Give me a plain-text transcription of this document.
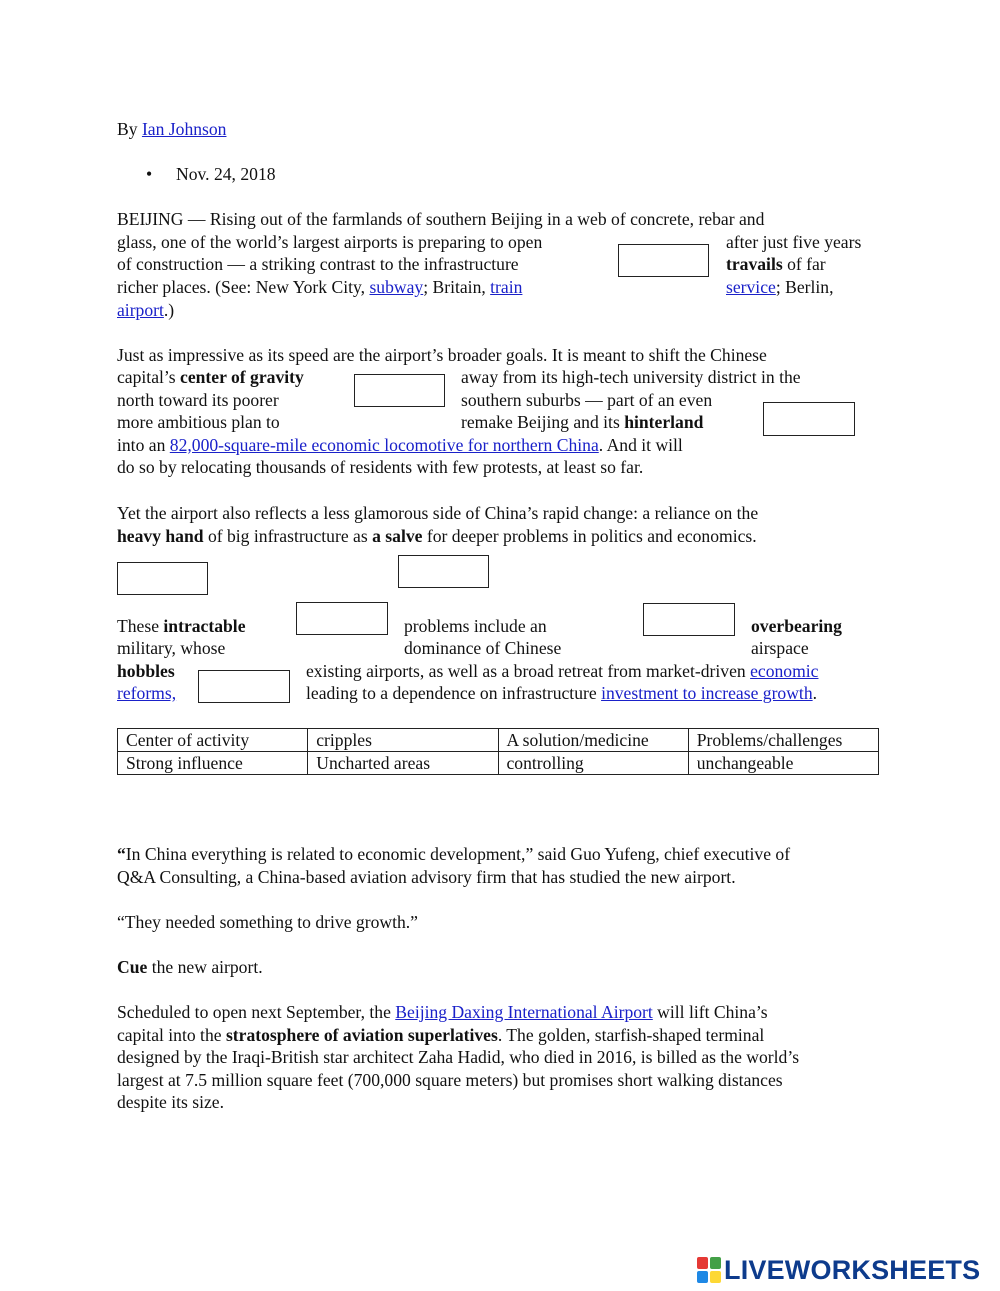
By Ian Johnson
• Nov. 24, 2018
BEIJING — Rising out of the farmlands of southern Beijing in a web of concrete, rebar and
glass, one of the world’s largest airports is preparing to open	after just five years
of construction — a striking contrast to the infrastructure	travails of far
richer places. (See: New York City, subway; Britain, train	service; Berlin,
airport.)
Just as impressive as its speed are the airport’s broader goals. It is meant to shift the Chinese
capital’s center of gravity	away from its high-tech university district in the
north toward its poorer	southern suburbs — part of an even
more ambitious plan to	remake Beijing and its hinterland
into an 82,000-square-mile economic locomotive for northern China. And it will
do so by relocating thousands of residents with few protests, at least so far.
Yet the airport also reflects a less glamorous side of China’s rapid change: a reliance on the
heavy hand of big infrastructure as a salve for deeper problems in politics and economics.
These intractable	problems include an	overbearing
military, whose	dominance of Chinese	airspace
hobbles	existing airports, as well as a broad retreat from market-driven economic
reforms,	leading to a dependence on infrastructure investment to increase growth.
Center of activity	cripples	A solution/medicine	Problems/challenges
Strong influence	Uncharted areas	controlling	unchangeable
“In China everything is related to economic development,” said Guo Yufeng, chief executive of
Q&A Consulting, a China-based aviation advisory firm that has studied the new airport.
“They needed something to drive growth.”
Cue the new airport.
Scheduled to open next September, the Beijing Daxing International Airport will lift China’s
capital into the stratosphere of aviation superlatives. The golden, starfish-shaped terminal
designed by the Iraqi-British star architect Zaha Hadid, who died in 2016, is billed as the world’s
largest at 7.5 million square feet (700,000 square meters) but promises short walking distances
despite its size.
LIVEWORKSHEETS
